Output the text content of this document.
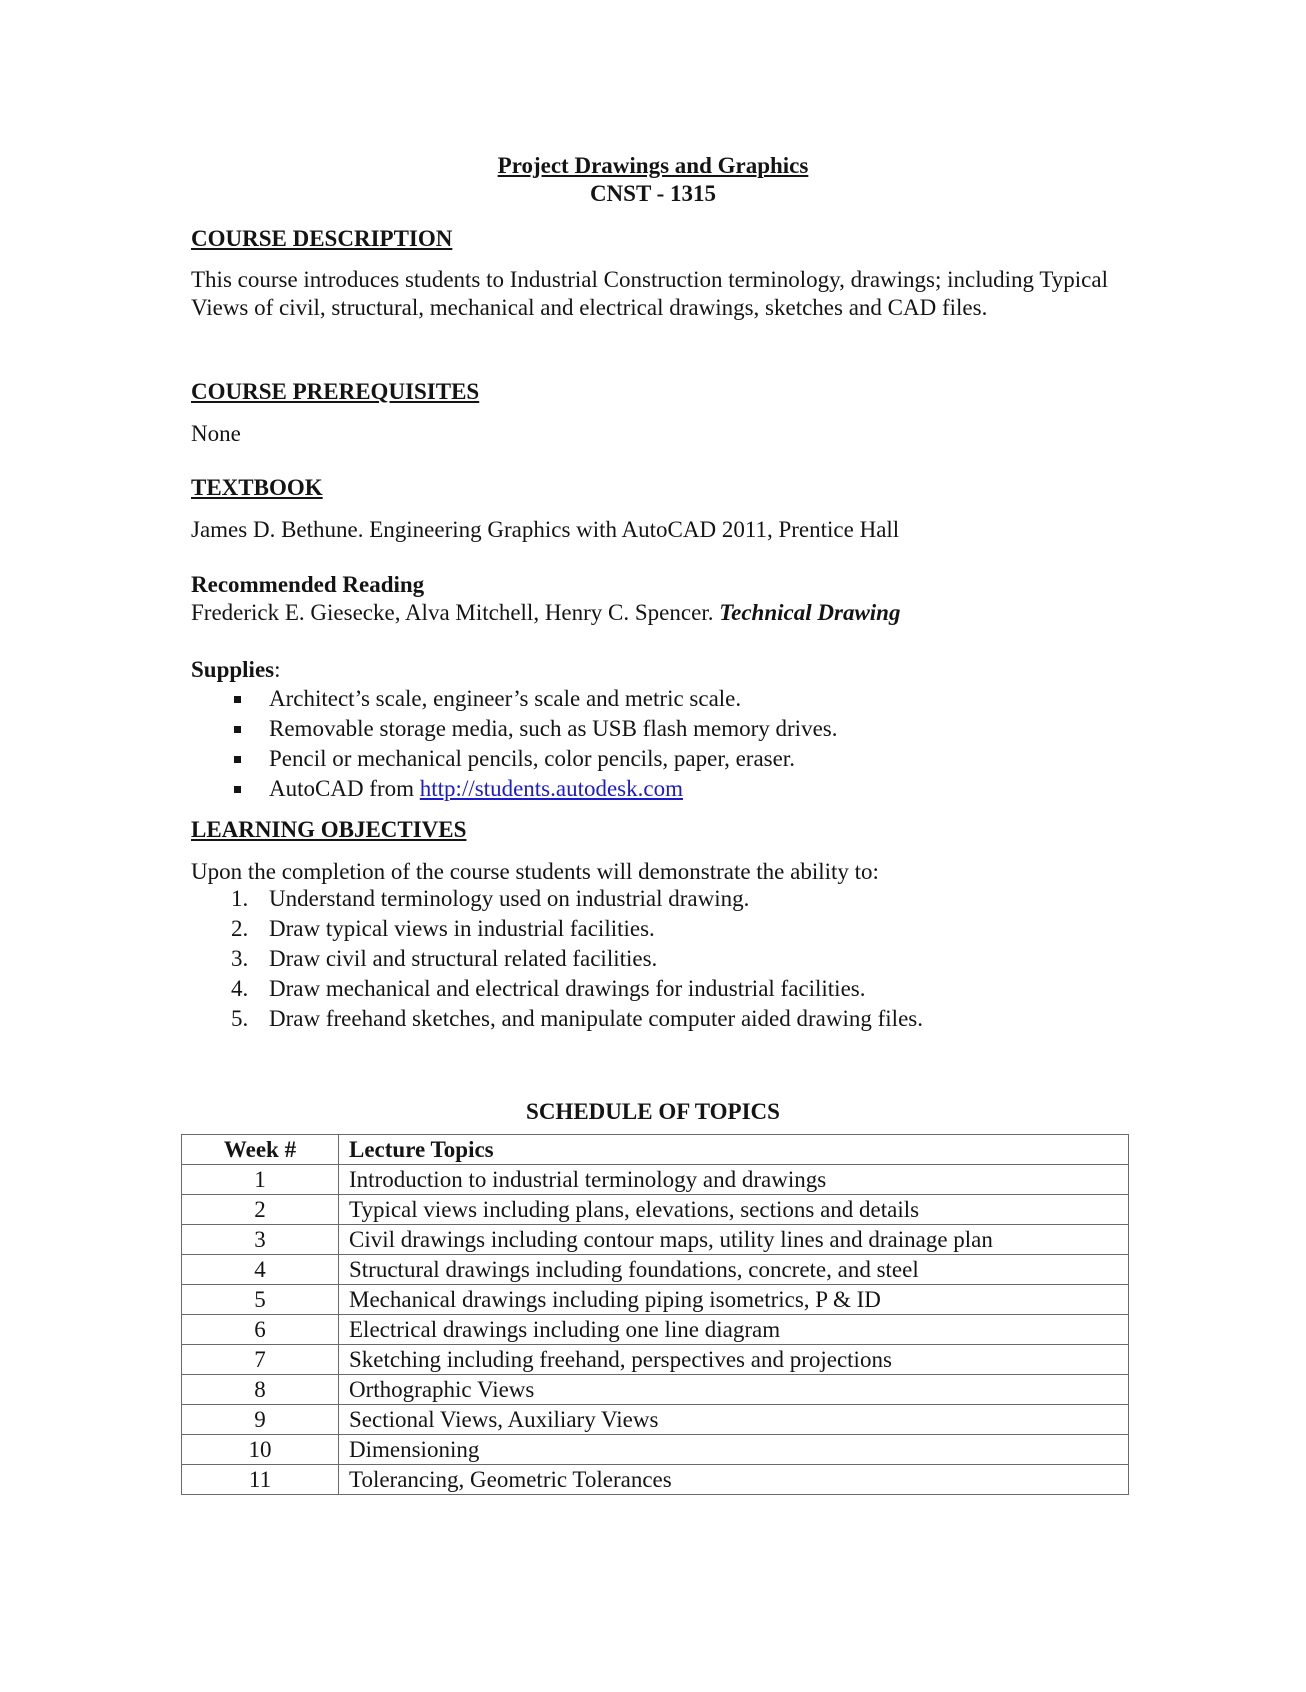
Project Drawings and Graphics
CNST - 1315
COURSE DESCRIPTION
This course introduces students to Industrial Construction terminology, drawings; including Typical Views of civil, structural, mechanical and electrical drawings, sketches and CAD files.
COURSE PREREQUISITES
None
TEXTBOOK
James D. Bethune. Engineering Graphics with AutoCAD 2011, Prentice Hall
Recommended Reading
Frederick E. Giesecke, Alva Mitchell, Henry C. Spencer. Technical Drawing
Supplies:
Architect’s scale, engineer’s scale and metric scale.
Removable storage media, such as USB flash memory drives.
Pencil or mechanical pencils, color pencils, paper, eraser.
AutoCAD from http://students.autodesk.com
LEARNING OBJECTIVES
Upon the completion of the course students will demonstrate the ability to:
1. Understand terminology used on industrial drawing.
2. Draw typical views in industrial facilities.
3. Draw civil and structural related facilities.
4. Draw mechanical and electrical drawings for industrial facilities.
5. Draw freehand sketches, and manipulate computer aided drawing files.
SCHEDULE OF TOPICS
Week #	Lecture Topics
1	Introduction to industrial terminology and drawings
2	Typical views including plans, elevations, sections and details
3	Civil drawings including contour maps, utility lines and drainage plan
4	Structural drawings including foundations, concrete, and steel
5	Mechanical drawings including piping isometrics, P & ID
6	Electrical drawings including one line diagram
7	Sketching including freehand, perspectives and projections
8	Orthographic Views
9	Sectional Views, Auxiliary Views
10	Dimensioning
11	Tolerancing, Geometric Tolerances
